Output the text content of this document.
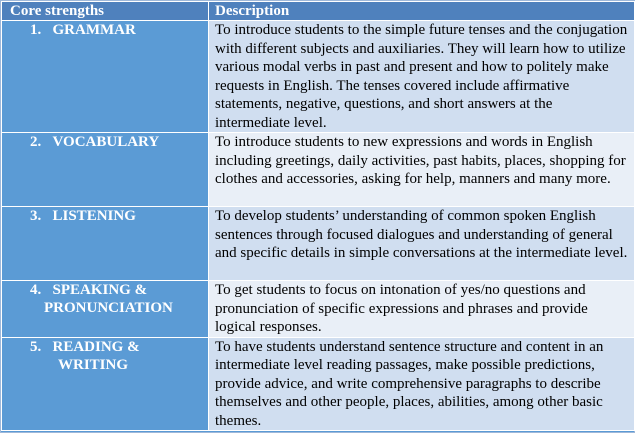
Core strengths	Description

1. GRAMMAR	To introduce students to the simple future tenses and the conjugation with different subjects and auxiliaries. They will learn how to utilize various modal verbs in past and present and how to politely make requests in English. The tenses covered include affirmative statements, negative, questions, and short answers at the intermediate level.

2. VOCABULARY	To introduce students to new expressions and words in English including greetings, daily activities, past habits, places, shopping for clothes and accessories, asking for help, manners and many more.

3. LISTENING	To develop students’ understanding of common spoken English sentences through focused dialogues and understanding of general and specific details in simple conversations at the intermediate level.

4. SPEAKING &
PRONUNCIATION	To get students to focus on intonation of yes/no questions and pronunciation of specific expressions and phrases and provide logical responses.

5. READING &
WRITING	To have students understand sentence structure and content in an intermediate level reading passages, make possible predictions, provide advice, and write comprehensive paragraphs to describe themselves and other people, places, abilities, among other basic themes.
